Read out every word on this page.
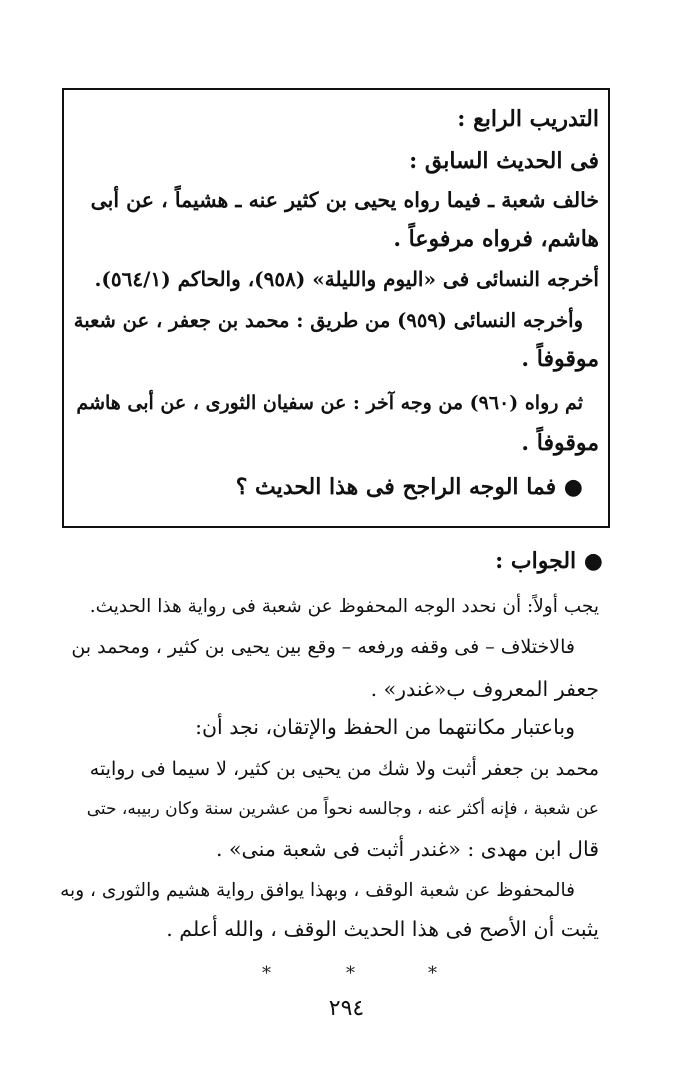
التدريب الرابع :
فى الحديث السابق :
خالف شعبة ـ فيما رواه يحيى بن كثير عنه ـ هشيماً ، عن أبى
هاشم، فرواه مرفوعاً .
أخرجه النسائى فى «اليوم والليلة» (٩٥٨)، والحاكم (٥٦٤/١).
وأخرجه النسائى (٩٥٩) من طريق : محمد بن جعفر ، عن شعبة
موقوفاً .
ثم رواه (٩٦٠) من وجه آخر : عن سفيان الثورى ، عن أبى هاشم
موقوفاً .
● فما الوجه الراجح فى هذا الحديث ؟
● الجواب :
يجب أولاً: أن نحدد الوجه المحفوظ عن شعبة فى رواية هذا الحديث.
فالاختلاف – فى وقفه ورفعه – وقع بين يحيى بن كثير ، ومحمد بن
جعفر المعروف ب«غندر» .
وباعتبار مكانتهما من الحفظ والإتقان، نجد أن:
محمد بن جعفر أثبت ولا شك من يحيى بن كثير، لا سيما فى روايته
عن شعبة ، فإنه أكثر عنه ، وجالسه نحواً من عشرين سنة وكان ربيبه، حتى
قال ابن مهدى : «غندر أثبت فى شعبة منى» .
فالمحفوظ عن شعبة الوقف ، وبهذا يوافق رواية هشيم والثورى ، وبه
يثبت أن الأصح فى هذا الحديث الوقف ، والله أعلم .
*	*	*
٢٩٤
